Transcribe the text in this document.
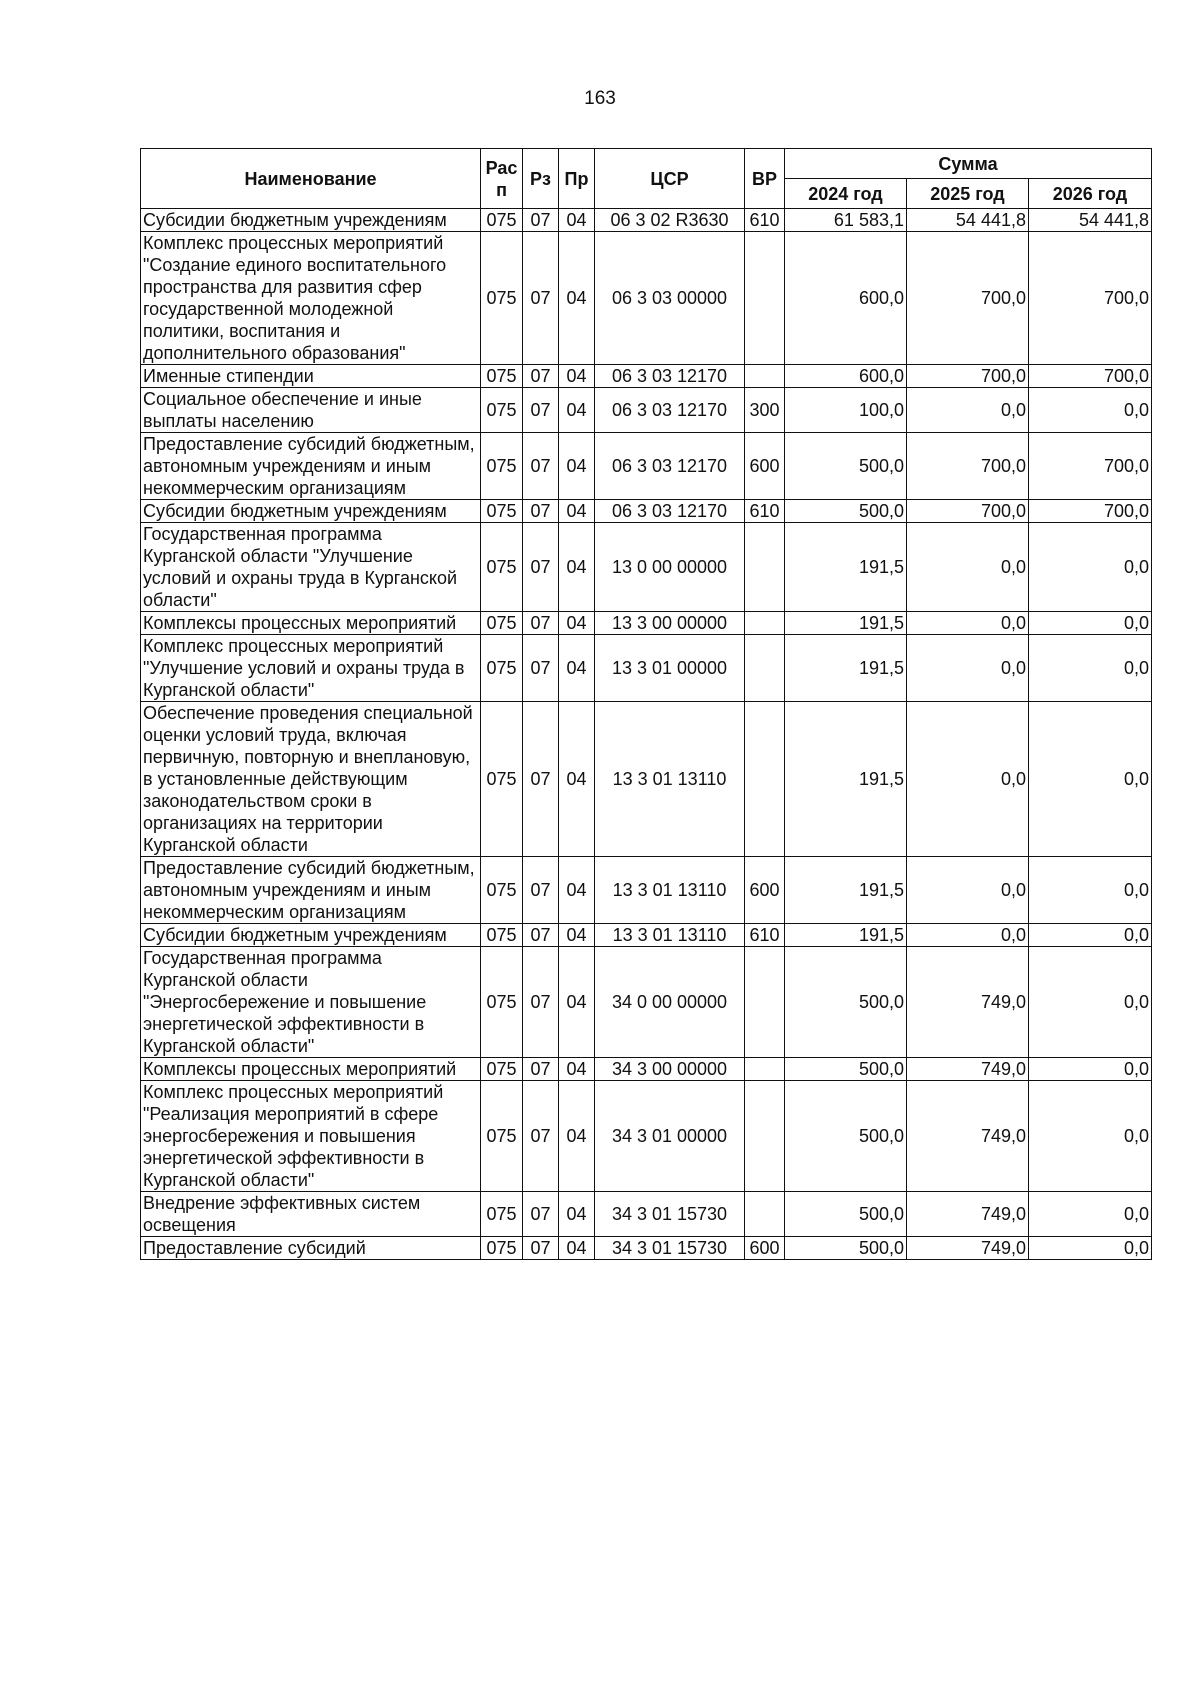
163
Наименование	Рас п	Рз	Пр	ЦСР	ВР	Сумма		
						2024 год	2025 год	2026 год
Субсидии бюджетным учреждениям	075	07	04	06 3 02 R3630	610	61 583,1	54 441,8	54 441,8
Комплекс процессных мероприятий "Создание единого воспитательного пространства для развития сфер государственной молодежной политики, воспитания и дополнительного образования"	075	07	04	06 3 03 00000		600,0	700,0	700,0
Именные стипендии	075	07	04	06 3 03 12170		600,0	700,0	700,0
Социальное обеспечение и иные выплаты населению	075	07	04	06 3 03 12170	300	100,0	0,0	0,0
Предоставление субсидий бюджетным, автономным учреждениям и иным некоммерческим организациям	075	07	04	06 3 03 12170	600	500,0	700,0	700,0
Субсидии бюджетным учреждениям	075	07	04	06 3 03 12170	610	500,0	700,0	700,0
Государственная программа Курганской области "Улучшение условий и охраны труда в Курганской области"	075	07	04	13 0 00 00000		191,5	0,0	0,0
Комплексы процессных мероприятий	075	07	04	13 3 00 00000		191,5	0,0	0,0
Комплекс процессных мероприятий "Улучшение условий и охраны труда в Курганской области"	075	07	04	13 3 01 00000		191,5	0,0	0,0
Обеспечение проведения специальной оценки условий труда, включая первичную, повторную и внеплановую, в установленные действующим законодательством сроки в организациях на территории Курганской области	075	07	04	13 3 01 13110		191,5	0,0	0,0
Предоставление субсидий бюджетным, автономным учреждениям и иным некоммерческим организациям	075	07	04	13 3 01 13110	600	191,5	0,0	0,0
Субсидии бюджетным учреждениям	075	07	04	13 3 01 13110	610	191,5	0,0	0,0
Государственная программа Курганской области "Энергосбережение и повышение энергетической эффективности в Курганской области"	075	07	04	34 0 00 00000		500,0	749,0	0,0
Комплексы процессных мероприятий	075	07	04	34 3 00 00000		500,0	749,0	0,0
Комплекс процессных мероприятий "Реализация мероприятий в сфере энергосбережения и повышения энергетической эффективности в Курганской области"	075	07	04	34 3 01 00000		500,0	749,0	0,0
Внедрение эффективных систем освещения	075	07	04	34 3 01 15730		500,0	749,0	0,0
Предоставление субсидий	075	07	04	34 3 01 15730	600	500,0	749,0	0,0
